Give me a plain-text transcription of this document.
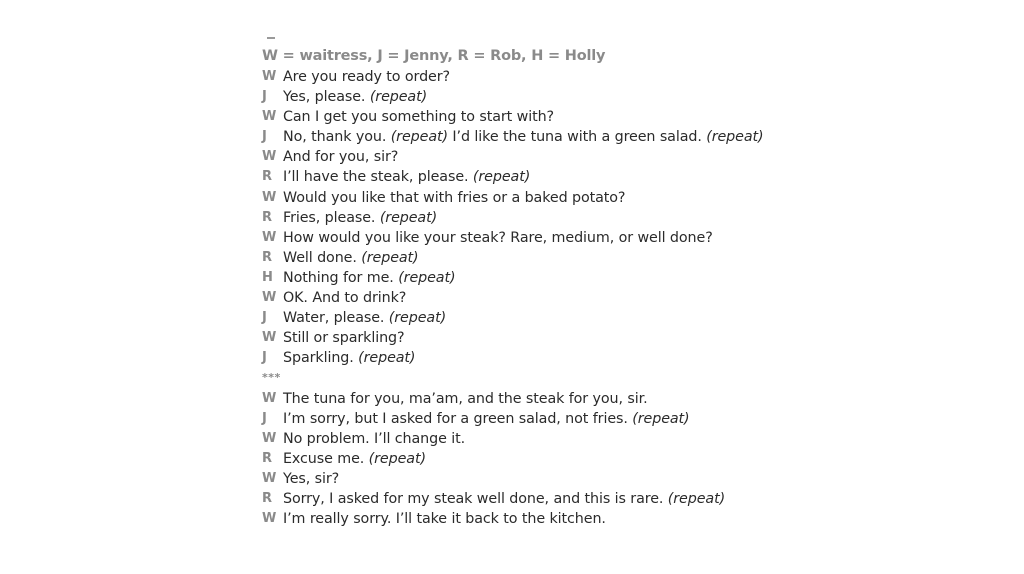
W = waitress, J = Jenny, R = Rob, H = Holly
W Are you ready to order?
J Yes, please. (repeat)
W Can I get you something to start with?
J No, thank you. (repeat) I’d like the tuna with a green salad. (repeat)
W And for you, sir?
R I’ll have the steak, please. (repeat)
W Would you like that with fries or a baked potato?
R Fries, please. (repeat)
W How would you like your steak? Rare, medium, or well done?
R Well done. (repeat)
H Nothing for me. (repeat)
W OK. And to drink?
J Water, please. (repeat)
W Still or sparkling?
J Sparkling. (repeat)
***
W The tuna for you, ma’am, and the steak for you, sir.
J I’m sorry, but I asked for a green salad, not fries. (repeat)
W No problem. I’ll change it.
R Excuse me. (repeat)
W Yes, sir?
R Sorry, I asked for my steak well done, and this is rare. (repeat)
W I’m really sorry. I’ll take it back to the kitchen.
